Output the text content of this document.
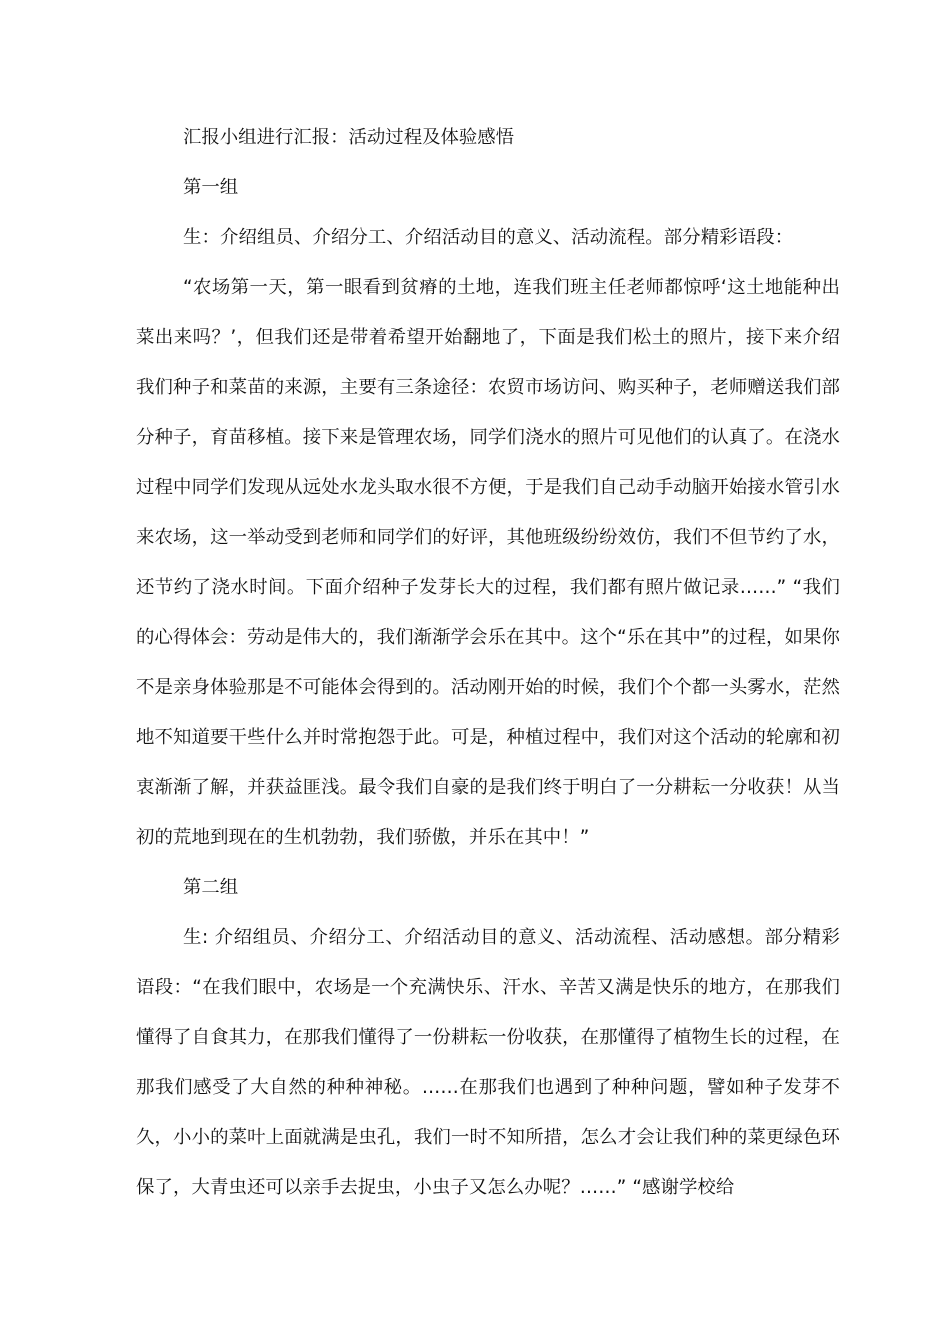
汇报小组进行汇报：活动过程及体验感悟

第一组

生：介绍组员、介绍分工、介绍活动目的意义、活动流程。部分精彩语段：

“农场第一天，第一眼看到贫瘠的土地，连我们班主任老师都惊呼‘这土地能种出菜出来吗？’，但我们还是带着希望开始翻地了，下面是我们松土的照片，接下来介绍我们种子和菜苗的来源，主要有三条途径：农贸市场访问、购买种子，老师赠送我们部分种子，育苗移植。接下来是管理农场，同学们浇水的照片可见他们的认真了。在浇水过程中同学们发现从远处水龙头取水很不方便，于是我们自己动手动脑开始接水管引水来农场，这一举动受到老师和同学们的好评，其他班级纷纷效仿，我们不但节约了水，还节约了浇水时间。下面介绍种子发芽长大的过程，我们都有照片做记录……” “我们的心得体会：劳动是伟大的，我们渐渐学会乐在其中。这个“乐在其中”的过程，如果你不是亲身体验那是不可能体会得到的。活动刚开始的时候，我们个个都一头雾水，茫然地不知道要干些什么并时常抱怨于此。可是，种植过程中，我们对这个活动的轮廓和初衷渐渐了解，并获益匪浅。最令我们自豪的是我们终于明白了一分耕耘一分收获！从当初的荒地到现在的生机勃勃，我们骄傲，并乐在其中！”

第二组

生: 介绍组员、介绍分工、介绍活动目的意义、活动流程、活动感想。部分精彩语段：“在我们眼中，农场是一个充满快乐、汗水、辛苦又满是快乐的地方，在那我们懂得了自食其力，在那我们懂得了一份耕耘一份收获，在那懂得了植物生长的过程，在那我们感受了大自然的种种神秘。……在那我们也遇到了种种问题，譬如种子发芽不久，小小的菜叶上面就满是虫孔，我们一时不知所措，怎么才会让我们种的菜更绿色环保了，大青虫还可以亲手去捉虫，小虫子又怎么办呢？……” “感谢学校给
